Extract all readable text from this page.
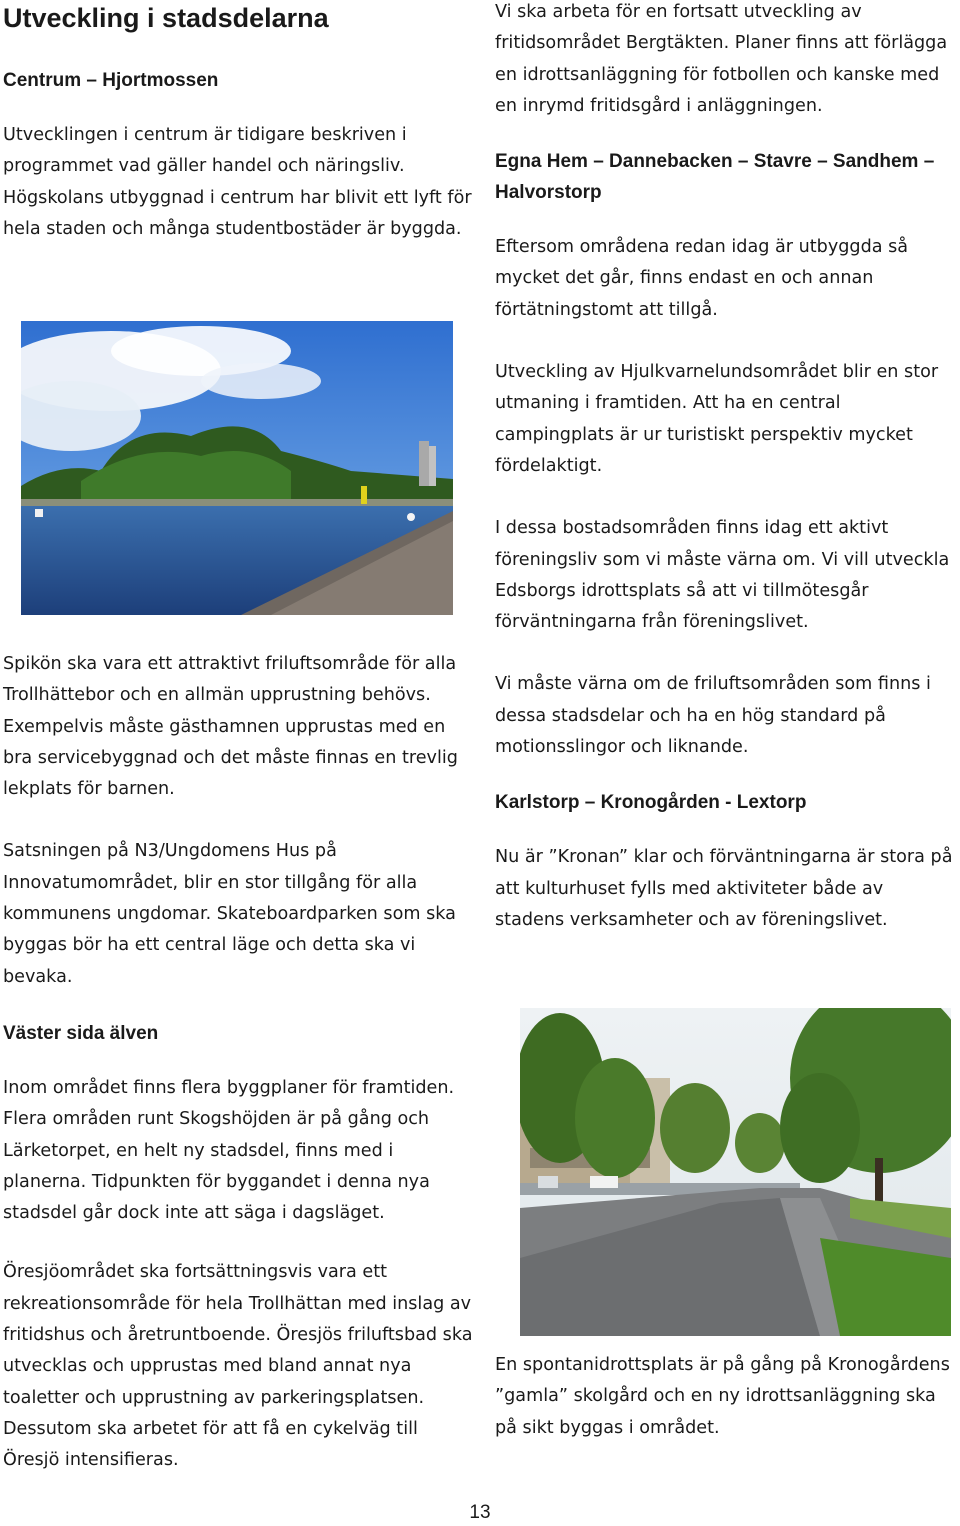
Utveckling i stadsdelarna
Centrum – Hjortmossen

Utvecklingen i centrum är tidigare beskriven i programmet vad gäller handel och näringsliv. Högskolans utbyggnad i centrum har blivit ett lyft för hela staden och många studentbostäder är byggda.

Spikön ska vara ett attraktivt friluftsområde för alla Trollhättebor och en allmän upprustning behövs. Exempelvis måste gästhamnen upprustas med en bra servicebyggnad och det måste finnas en trevlig lekplats för barnen.

Satsningen på N3/Ungdomens Hus på Innovatumområdet, blir en stor tillgång för alla kommunens ungdomar. Skateboardparken som ska byggas bör ha ett central läge och detta ska vi bevaka.

Väster sida älven

Inom området finns flera byggplaner för framtiden. Flera områden runt Skogshöjden är på gång och Lärketorpet, en helt ny stadsdel, finns med i planerna. Tidpunkten för byggandet i denna nya stadsdel går dock inte att säga i dagsläget.

Öresjöområdet ska fortsättningsvis vara ett rekreationsområde för hela Trollhättan med inslag av fritidshus och åretruntboende. Öresjös friluftsbad ska utvecklas och upprustas med bland annat nya toaletter och upprustning av parkeringsplatsen. Dessutom ska arbetet för att få en cykelväg till Öresjö intensifieras.

Vi ska arbeta för en fortsatt utveckling av fritidsområdet Bergtäkten. Planer finns att förlägga en idrottsanläggning för fotbollen och kanske med en inrymd fritidsgård i anläggningen.

Egna Hem – Dannebacken – Stavre – Sandhem – Halvorstorp

Eftersom områdena redan idag är utbyggda så mycket det går, finns endast en och annan förtätningstomt att tillgå.

Utveckling av Hjulkvarnelundsområdet blir en stor utmaning i framtiden. Att ha en central campingplats är ur turistiskt perspektiv mycket fördelaktigt.

I dessa bostadsområden finns idag ett aktivt föreningsliv som vi måste värna om. Vi vill utveckla Edsborgs idrottsplats så att vi tillmötesgår förväntningarna från föreningslivet.

Vi måste värna om de friluftsområden som finns i dessa stadsdelar och ha en hög standard på motionsslingor och liknande.

Karlstorp – Kronogården - Lextorp

Nu är ”Kronan” klar och förväntningarna är stora på att kulturhuset fylls med aktiviteter både av stadens verksamheter och av föreningslivet.

En spontanidrottsplats är på gång på Kronogårdens ”gamla” skolgård och en ny idrottsanläggning ska på sikt byggas i området.

13
